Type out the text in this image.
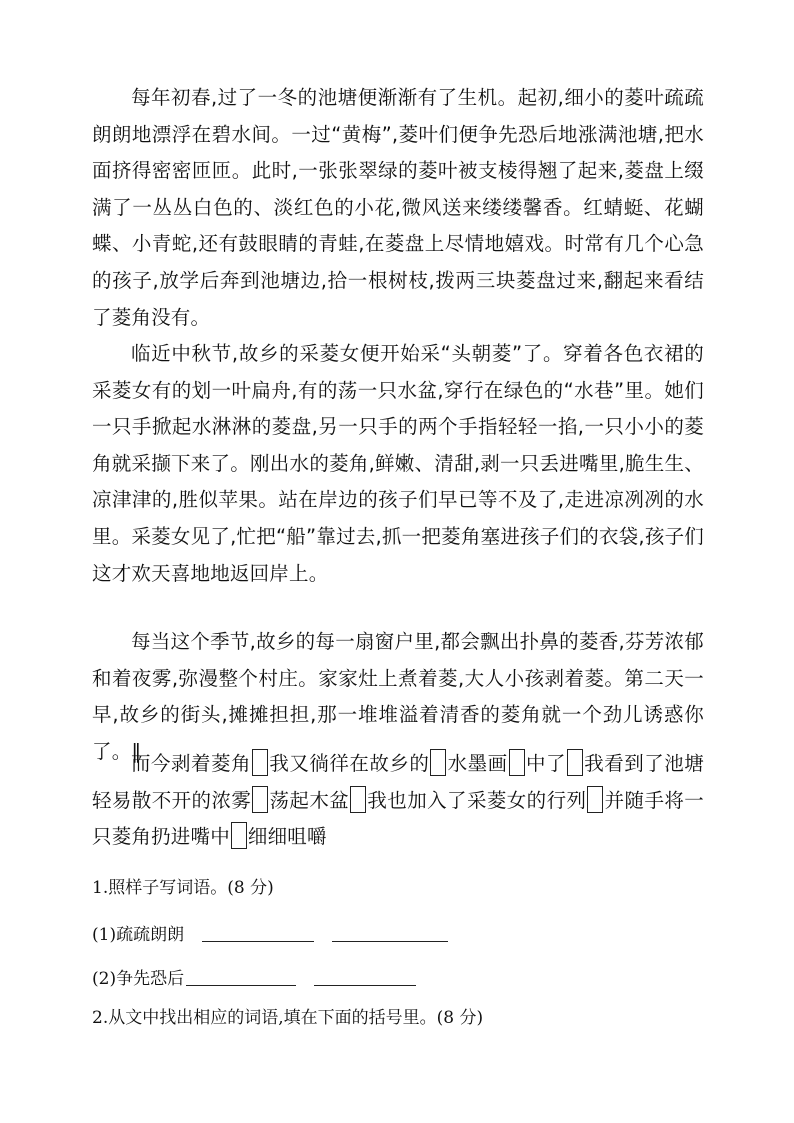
每年初春,过了一冬的池塘便渐渐有了生机。起初,细小的菱叶疏疏朗朗地漂浮在碧水间。一过“黄梅”,菱叶们便争先恐后地涨满池塘,把水面挤得密密匝匝。此时,一张张翠绿的菱叶被支棱得翘了起来,菱盘上缀满了一丛丛白色的、淡红色的小花,微风送来缕缕馨香。红蜻蜓、花蝴蝶、小青蛇,还有鼓眼睛的青蛙,在菱盘上尽情地嬉戏。时常有几个心急的孩子,放学后奔到池塘边,拾一根树枝,拨两三块菱盘过来,翻起来看结了菱角没有。

临近中秋节,故乡的采菱女便开始采“头朝菱”了。穿着各色衣裙的采菱女有的划一叶扁舟,有的荡一只水盆,穿行在绿色的“水巷”里。她们一只手掀起水淋淋的菱盘,另一只手的两个手指轻轻一掐,一只小小的菱角就采撷下来了。刚出水的菱角,鲜嫩、清甜,剥一只丢进嘴里,脆生生、凉津津的,胜似苹果。站在岸边的孩子们早已等不及了,走进凉冽冽的水里。采菱女见了,忙把“船”靠过去,抓一把菱角塞进孩子们的衣袋,孩子们这才欢天喜地地返回岸上。

每当这个季节,故乡的每一扇窗户里,都会飘出扑鼻的菱香,芬芳浓郁和着夜雾,弥漫整个村庄。家家灶上煮着菱,大人小孩剥着菱。第二天一早,故乡的街头,摊摊担担,那一堆堆溢着清香的菱角就一个劲儿诱惑你了。‖

而今剥着菱角 我又徜徉在故乡的 水墨画 中了 我看到了池塘轻易散不开的浓雾 荡起木盆 我也加入了采菱女的行列 并随手将一只菱角扔进嘴中 细细咀嚼

1.照样子写词语。(8 分)

(1)疏疏朗朗

(2)争先恐后

2.从文中找出相应的词语,填在下面的括号里。(8 分)
